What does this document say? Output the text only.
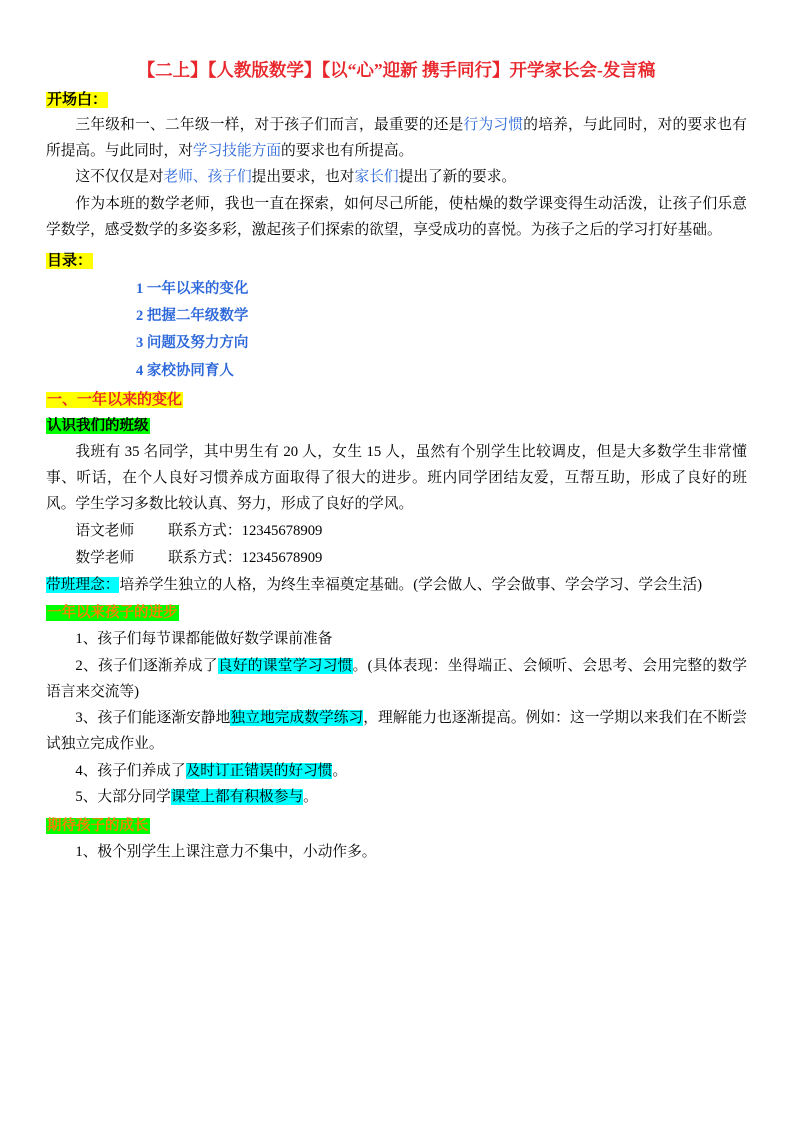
【二上】【人教版数学】【以“心”迎新 携手同行】开学家长会-发言稿
开场白：

三年级和一、二年级一样，对于孩子们而言，最重要的还是行为习惯的培养，与此同时，对的要求也有所提高。与此同时，对学习技能方面的要求也有所提高。

这不仅仅是对老师、孩子们提出要求，也对家长们提出了新的要求。

作为本班的数学老师，我也一直在探索，如何尽己所能，使枯燥的数学课变得生动活泼，让孩子们乐意学数学，感受数学的多姿多彩，激起孩子们探索的欲望，享受成功的喜悦。为孩子之后的学习打好基础。

目录：
1 一年以来的变化
2 把握二年级数学
3 问题及努力方向
4 家校协同育人
一、一年以来的变化
认识我们的班级

我班有 35 名同学，其中男生有 20 人，女生 15 人，虽然有个别学生比较调皮，但是大多数学生非常懂事、听话，在个人良好习惯养成方面取得了很大的进步。班内同学团结友爱，互帮互助，形成了良好的班风。学生学习多数比较认真、努力，形成了良好的学风。

语文老师 联系方式：12345678909

数学老师 联系方式：12345678909

带班理念：培养学生独立的人格，为终生幸福奠定基础。(学会做人、学会做事、学会学习、学会生活)

一年以来孩子的进步

1、孩子们每节课都能做好数学课前准备

2、孩子们逐渐养成了良好的课堂学习习惯。(具体表现：坐得端正、会倾听、会思考、会用完整的数学语言来交流等)

3、孩子们能逐渐安静地独立地完成数学练习，理解能力也逐渐提高。例如：这一学期以来我们在不断尝试独立完成作业。

4、孩子们养成了及时订正错误的好习惯。

5、大部分同学课堂上都有积极参与。

期待孩子的成长

1、极个别学生上课注意力不集中，小动作多。
